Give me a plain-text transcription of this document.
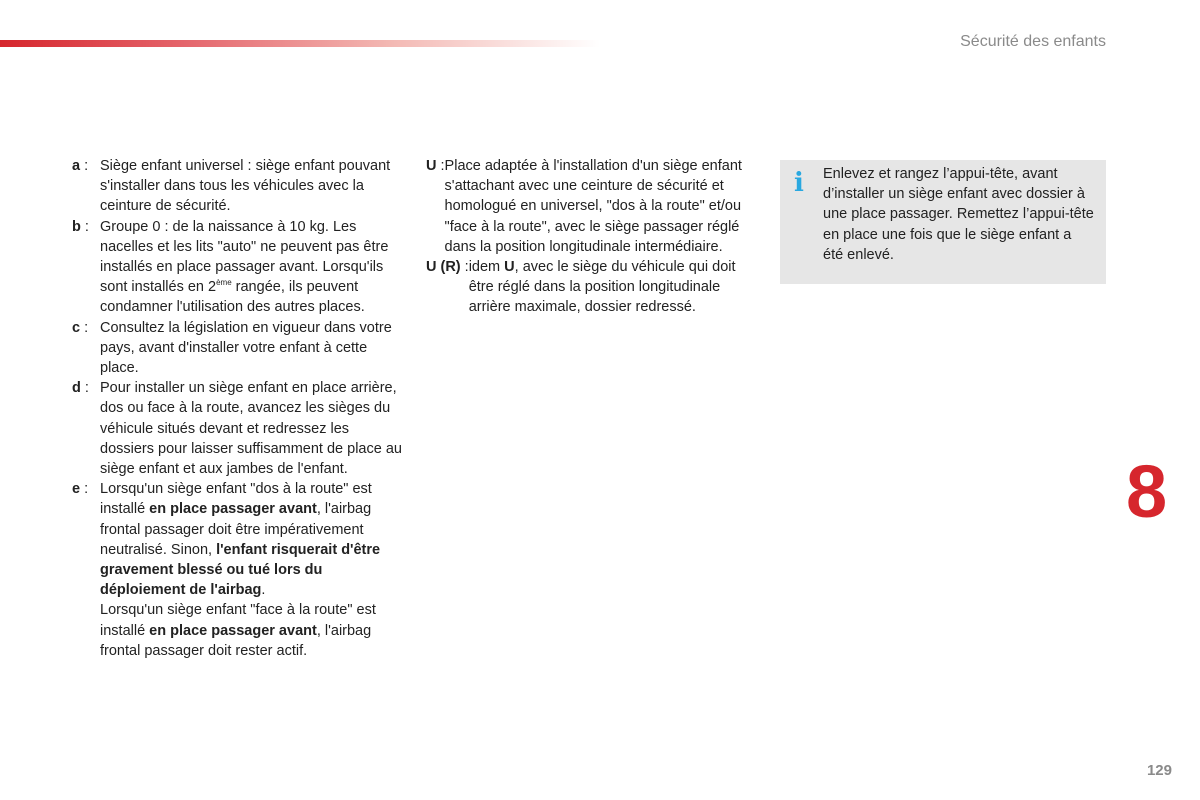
Sécurité des enfants
a : Siège enfant universel : siège enfant pouvant s'installer dans tous les véhicules avec la ceinture de sécurité.
b : Groupe 0 : de la naissance à 10 kg. Les nacelles et les lits "auto" ne peuvent pas être installés en place passager avant. Lorsqu'ils sont installés en 2ème rangée, ils peuvent condamner l'utilisation des autres places.
c : Consultez la législation en vigueur dans votre pays, avant d'installer votre enfant à cette place.
d : Pour installer un siège enfant en place arrière, dos ou face à la route, avancez les sièges du véhicule situés devant et redressez les dossiers pour laisser suffisamment de place au siège enfant et aux jambes de l'enfant.
e : Lorsqu'un siège enfant "dos à la route" est installé en place passager avant, l'airbag frontal passager doit être impérativement neutralisé. Sinon, l'enfant risquerait d'être gravement blessé ou tué lors du déploiement de l'airbag.

Lorsqu'un siège enfant "face à la route" est installé en place passager avant, l'airbag frontal passager doit rester actif.

U : Place adaptée à l'installation d'un siège enfant s'attachant avec une ceinture de sécurité et homologué en universel, "dos à la route" et/ou "face à la route", avec le siège passager réglé dans la position longitudinale intermédiaire.
U (R) : idem U, avec le siège du véhicule qui doit être réglé dans la position longitudinale arrière maximale, dossier redressé.
i Enlevez et rangez l’appui-tête, avant d’installer un siège enfant avec dossier à une place passager. Remettez l’appui-tête en place une fois que le siège enfant a été enlevé.
8
129
